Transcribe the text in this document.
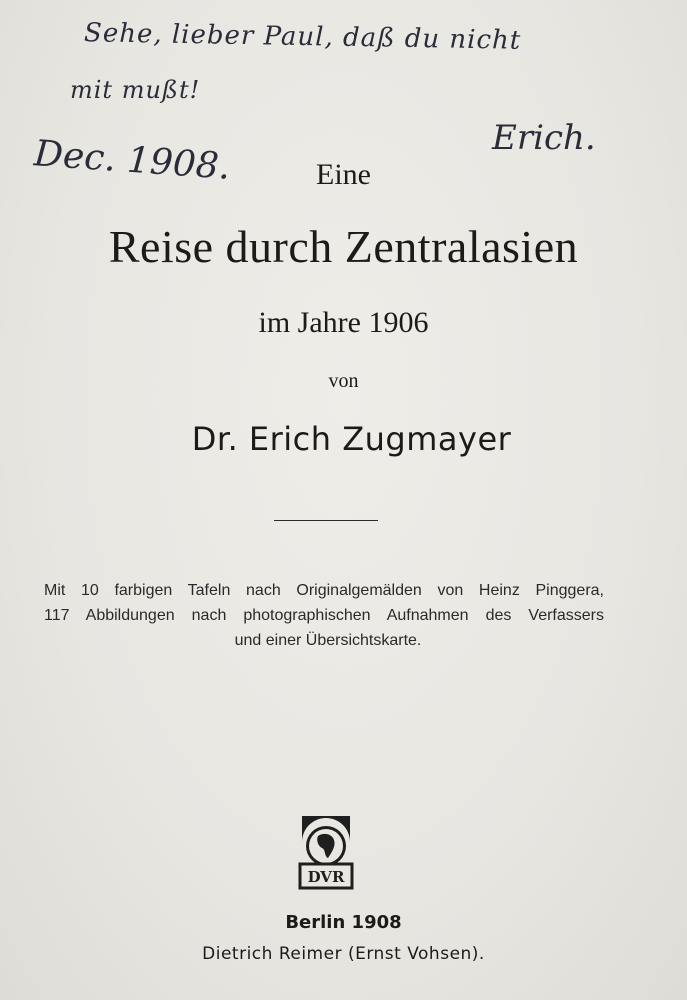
Sehe, lieber Paul, daß du nicht
mit mußt!
Dec. 1908.	Erich.
Eine
Reise durch Zentralasien
im Jahre 1906
von
Dr. Erich Zugmayer
Mit 10 farbigen Tafeln nach Originalgemälden von Heinz Pinggera,
117 Abbildungen nach photographischen Aufnahmen des Verfassers
und einer Übersichtskarte.
DVR
Berlin 1908
Dietrich Reimer (Ernst Vohsen).
